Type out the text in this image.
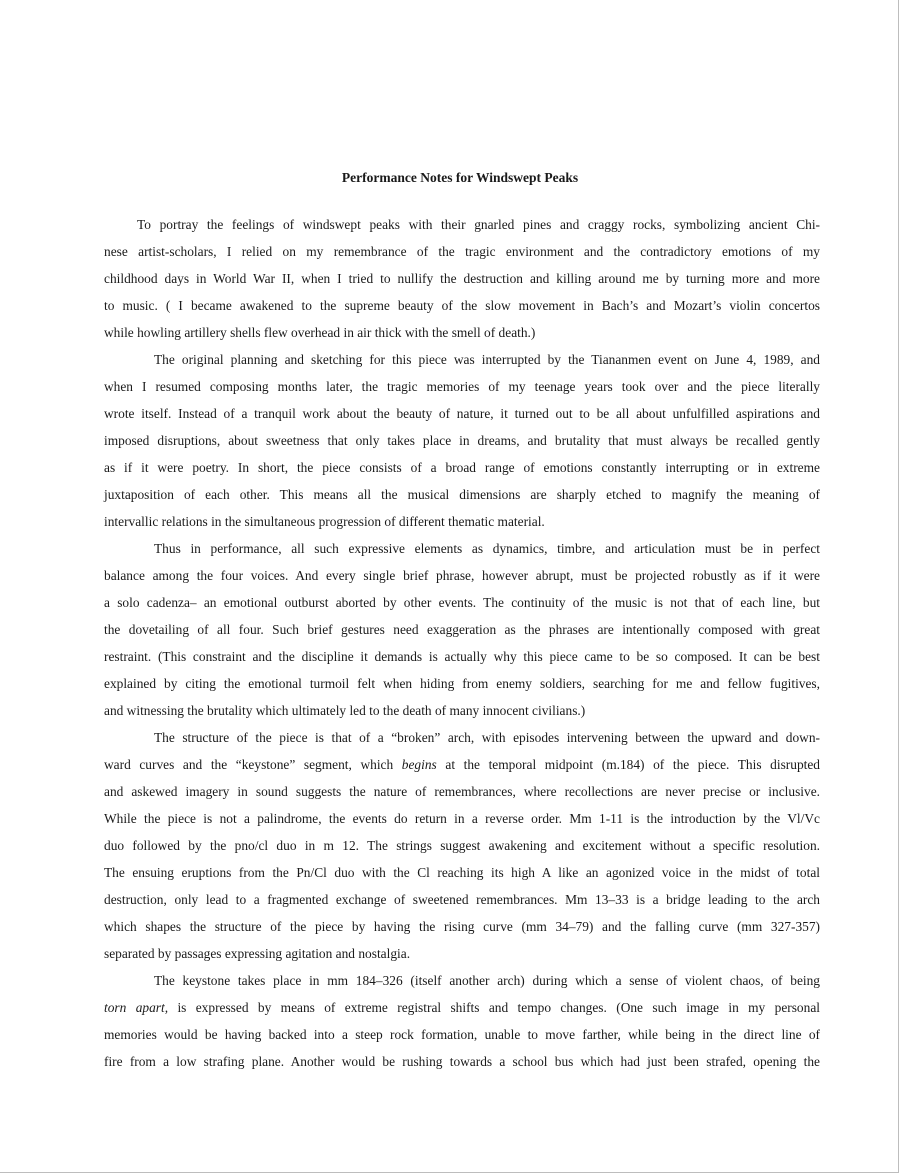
Performance Notes for Windswept Peaks
To portray the feelings of windswept peaks with their gnarled pines and craggy rocks, symbolizing ancient Chi-
nese artist-scholars, I relied on my remembrance of the tragic environment and the contradictory emotions of my
childhood days in World War II, when I tried to nullify the destruction and killing around me by turning more and more
to music. ( I became awakened to the supreme beauty of the slow movement in Bach’s and Mozart’s violin concertos
while howling artillery shells flew overhead in air thick with the smell of death.)
The original planning and sketching for this piece was interrupted by the Tiananmen event on June 4, 1989, and
when I resumed composing months later, the tragic memories of my teenage years took over and the piece literally
wrote itself. Instead of a tranquil work about the beauty of nature, it turned out to be all about unfulfilled aspirations and
imposed disruptions, about sweetness that only takes place in dreams, and brutality that must always be recalled gently
as if it were poetry. In short, the piece consists of a broad range of emotions constantly interrupting or in extreme
juxtaposition of each other. This means all the musical dimensions are sharply etched to magnify the meaning of
intervallic relations in the simultaneous progression of different thematic material.
Thus in performance, all such expressive elements as dynamics, timbre, and articulation must be in perfect
balance among the four voices. And every single brief phrase, however abrupt, must be projected robustly as if it were
a solo cadenza– an emotional outburst aborted by other events. The continuity of the music is not that of each line, but
the dovetailing of all four. Such brief gestures need exaggeration as the phrases are intentionally composed with great
restraint. (This constraint and the discipline it demands is actually why this piece came to be so composed. It can be best
explained by citing the emotional turmoil felt when hiding from enemy soldiers, searching for me and fellow fugitives,
and witnessing the brutality which ultimately led to the death of many innocent civilians.)
The structure of the piece is that of a “broken” arch, with episodes intervening between the upward and down-
ward curves and the “keystone” segment, which begins at the temporal midpoint (m.184) of the piece. This disrupted
and askewed imagery in sound suggests the nature of remembrances, where recollections are never precise or inclusive.
While the piece is not a palindrome, the events do return in a reverse order. Mm 1-11 is the introduction by the Vl/Vc
duo followed by the pno/cl duo in m 12. The strings suggest awakening and excitement without a specific resolution.
The ensuing eruptions from the Pn/Cl duo with the Cl reaching its high A like an agonized voice in the midst of total
destruction, only lead to a fragmented exchange of sweetened remembrances. Mm 13–33 is a bridge leading to the arch
which shapes the structure of the piece by having the rising curve (mm 34–79) and the falling curve (mm 327-357)
separated by passages expressing agitation and nostalgia.
The keystone takes place in mm 184–326 (itself another arch) during which a sense of violent chaos, of being
torn apart, is expressed by means of extreme registral shifts and tempo changes. (One such image in my personal
memories would be having backed into a steep rock formation, unable to move farther, while being in the direct line of
fire from a low strafing plane. Another would be rushing towards a school bus which had just been strafed, opening the
